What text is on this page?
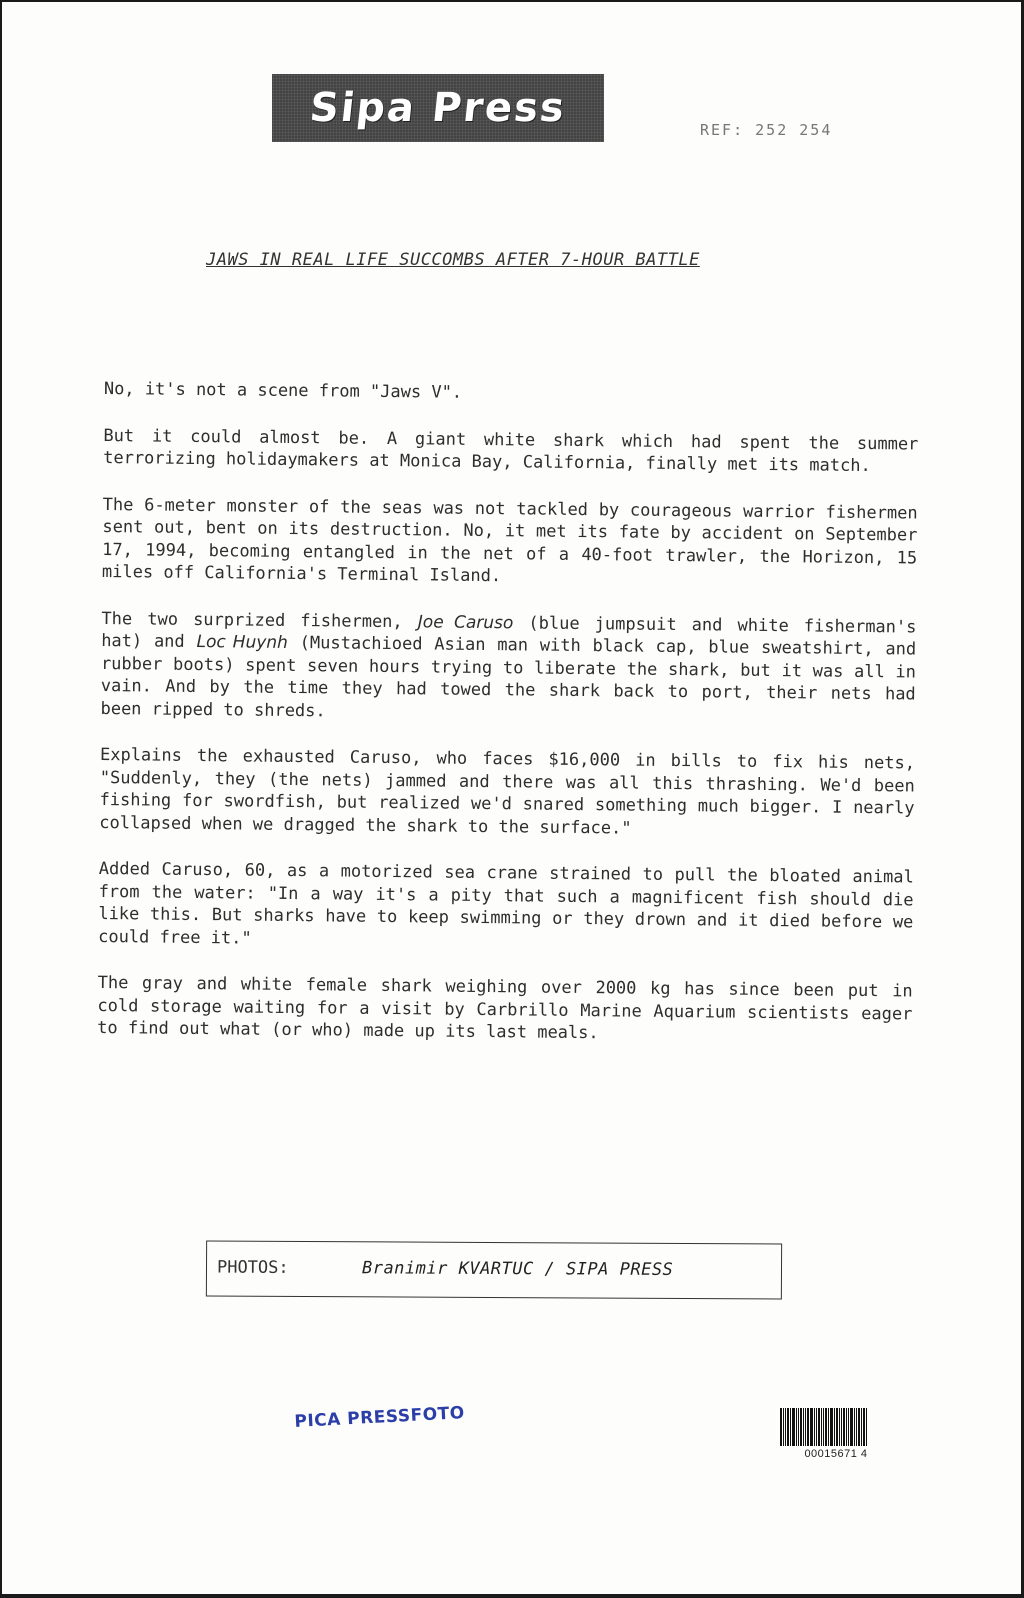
Sipa Press	REF: 252 254
JAWS IN REAL LIFE SUCCOMBS AFTER 7-HOUR BATTLE

No, it's not a scene from "Jaws V".

But it could almost be. A giant white shark which had spent the summer terrorizing holidaymakers at Monica Bay, California, finally met its match.

The 6-meter monster of the seas was not tackled by courageous warrior fishermen sent out, bent on its destruction. No, it met its fate by accident on September 17, 1994, becoming entangled in the net of a 40-foot trawler, the Horizon, 15 miles off California's Terminal Island.

The two surprized fishermen, Joe Caruso (blue jumpsuit and white fisherman's hat) and Loc Huynh (Mustachioed Asian man with black cap, blue sweatshirt, and rubber boots) spent seven hours trying to liberate the shark, but it was all in vain. And by the time they had towed the shark back to port, their nets had been ripped to shreds.

Explains the exhausted Caruso, who faces $16,000 in bills to fix his nets, "Suddenly, they (the nets) jammed and there was all this thrashing. We'd been fishing for swordfish, but realized we'd snared something much bigger. I nearly collapsed when we dragged the shark to the surface."

Added Caruso, 60, as a motorized sea crane strained to pull the bloated animal from the water: "In a way it's a pity that such a magnificent fish should die like this. But sharks have to keep swimming or they drown and it died before we could free it."

The gray and white female shark weighing over 2000 kg has since been put in cold storage waiting for a visit by Carbrillo Marine Aquarium scientists eager to find out what (or who) made up its last meals.

PHOTOS:	Branimir KVARTUC / SIPA PRESS
PICA PRESSFOTO
00015671 4
